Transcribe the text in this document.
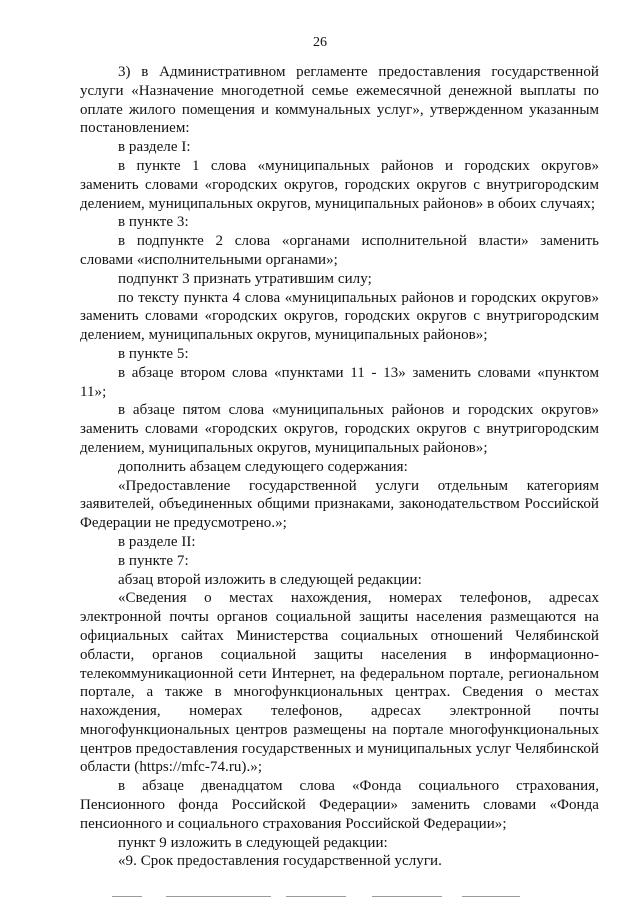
26

3) в Административном регламенте предоставления государственной услуги «Назначение многодетной семье ежемесячной денежной выплаты по оплате жилого помещения и коммунальных услуг», утвержденном указанным постановлением:

в разделе I:

в пункте 1 слова «муниципальных районов и городских округов» заменить словами «городских округов, городских округов с внутригородским делением, муниципальных округов, муниципальных районов» в обоих случаях;

в пункте 3:

в подпункте 2 слова «органами исполнительной власти» заменить словами «исполнительными органами»;

подпункт 3 признать утратившим силу;

по тексту пункта 4 слова «муниципальных районов и городских округов» заменить словами «городских округов, городских округов с внутригородским делением, муниципальных округов, муниципальных районов»;

в пункте 5:

в абзаце втором слова «пунктами 11 - 13» заменить словами «пунктом 11»;

в абзаце пятом слова «муниципальных районов и городских округов» заменить словами «городских округов, городских округов с внутригородским делением, муниципальных округов, муниципальных районов»;

дополнить абзацем следующего содержания:

«Предоставление государственной услуги отдельным категориям заявителей, объединенных общими признаками, законодательством Российской Федерации не предусмотрено.»;

в разделе II:

в пункте 7:

абзац второй изложить в следующей редакции:

«Сведения о местах нахождения, номерах телефонов, адресах электронной почты органов социальной защиты населения размещаются на официальных сайтах Министерства социальных отношений Челябинской области, органов социальной защиты населения в информационно-телекоммуникационной сети Интернет, на федеральном портале, региональном портале, а также в многофункциональных центрах. Сведения о местах нахождения, номерах телефонов, адресах электронной почты многофункциональных центров размещены на портале многофункциональных центров предоставления государственных и муниципальных услуг Челябинской области (https://mfc-74.ru).»;

в абзаце двенадцатом слова «Фонда социального страхования, Пенсионного фонда Российской Федерации» заменить словами «Фонда пенсионного и социального страхования Российской Федерации»;

пункт 9 изложить в следующей редакции:

«9. Срок предоставления государственной услуги.
